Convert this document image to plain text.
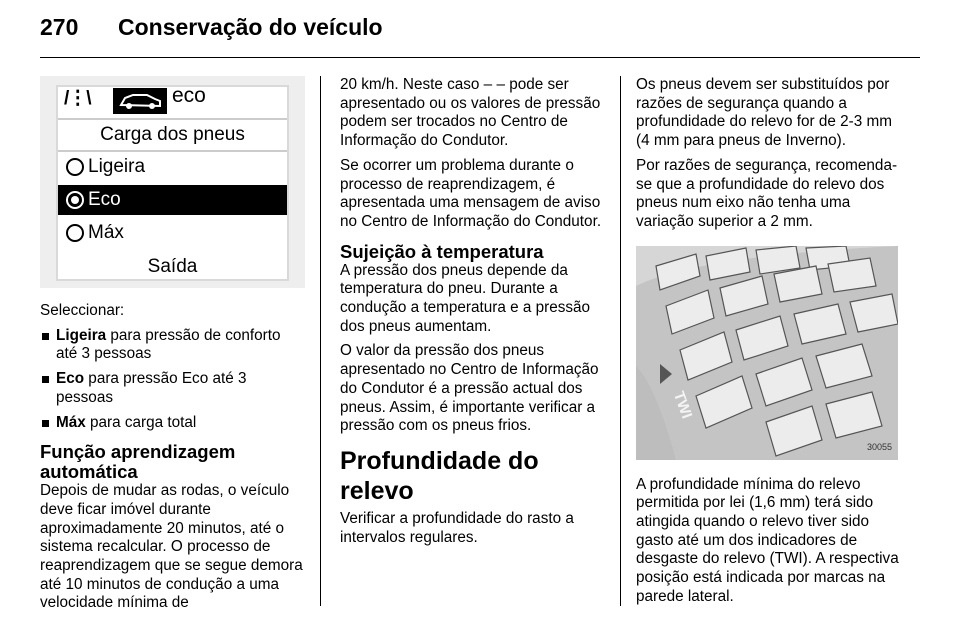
270 Conservação do veículo
/⋮\	eco
Carga dos pneus
Ligeira
Eco
Máx
Saída

Seleccionar:

Ligeira para pressão de conforto até 3 pessoas
Eco para pressão Eco até 3 pessoas
Máx para carga total
Função aprendizagem automática

Depois de mudar as rodas, o veículo deve ficar imóvel durante aproximadamente 20 minutos, até o sistema recalcular. O processo de reaprendizagem que se segue demora até 10 minutos de condução a uma velocidade mínima de

20 km/h. Neste caso – – pode ser apresentado ou os valores de pressão podem ser trocados no Centro de Informação do Condutor.

Se ocorrer um problema durante o processo de reaprendizagem, é apresentada uma mensagem de aviso no Centro de Informação do Condutor.

Sujeição à temperatura

A pressão dos pneus depende da temperatura do pneu. Durante a condução a temperatura e a pressão dos pneus aumentam.

O valor da pressão dos pneus apresentado no Centro de Informação do Condutor é a pressão actual dos pneus. Assim, é importante verificar a pressão com os pneus frios.

Profundidade do relevo

Verificar a profundidade do rasto a intervalos regulares.

Os pneus devem ser substituídos por razões de segurança quando a profundidade do relevo for de 2-3 mm (4 mm para pneus de Inverno).

Por razões de segurança, recomenda-se que a profundidade do relevo dos pneus num eixo não tenha uma variação superior a 2 mm.

TWI
30055

A profundidade mínima do relevo permitida por lei (1,6 mm) terá sido atingida quando o relevo tiver sido gasto até um dos indicadores de desgaste do relevo (TWI). A respectiva posição está indicada por marcas na parede lateral.
